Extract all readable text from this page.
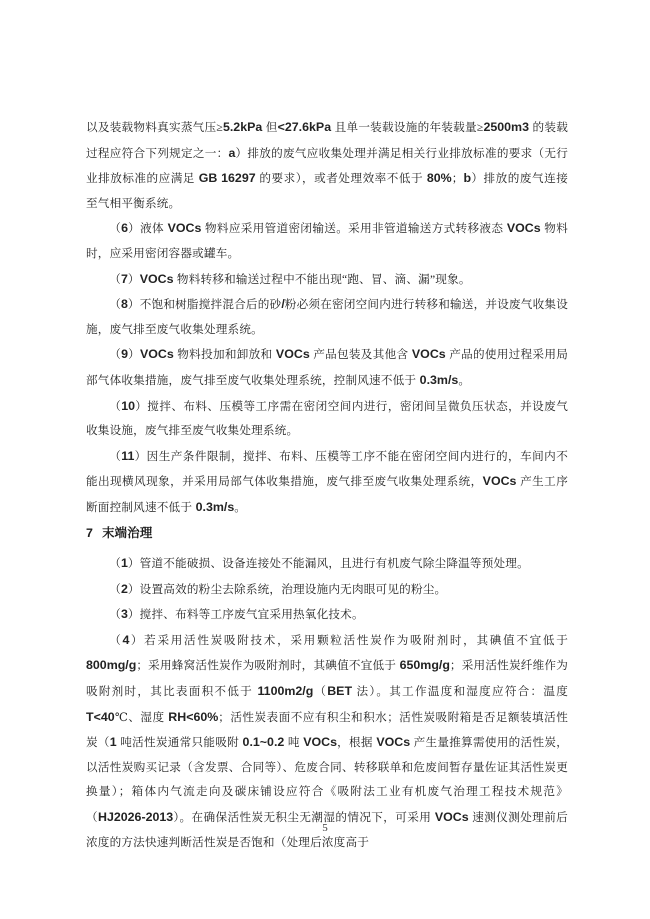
以及装载物料真实蒸气压≥5.2kPa 但<27.6kPa 且单一装载设施的年装载量≥2500m3 的装载过程应符合下列规定之一：a）排放的废气应收集处理并满足相关行业排放标准的要求（无行业排放标准的应满足 GB 16297 的要求），或者处理效率不低于 80%；b）排放的废气连接至气相平衡系统。

（6）液体 VOCs 物料应采用管道密闭输送。采用非管道输送方式转移液态 VOCs 物料时，应采用密闭容器或罐车。

（7）VOCs 物料转移和输送过程中不能出现“跑、冒、滴、漏”现象。

（8）不饱和树脂搅拌混合后的砂/粉必须在密闭空间内进行转移和输送，并设废气收集设施，废气排至废气收集处理系统。

（9）VOCs 物料投加和卸放和 VOCs 产品包装及其他含 VOCs 产品的使用过程采用局部气体收集措施，废气排至废气收集处理系统，控制风速不低于 0.3m/s。

（10）搅拌、布料、压模等工序需在密闭空间内进行，密闭间呈微负压状态，并设废气收集设施，废气排至废气收集处理系统。

（11）因生产条件限制，搅拌、布料、压模等工序不能在密闭空间内进行的，车间内不能出现横风现象，并采用局部气体收集措施，废气排至废气收集处理系统，VOCs 产生工序断面控制风速不低于 0.3m/s。

7 末端治理

（1）管道不能破损、设备连接处不能漏风，且进行有机废气除尘降温等预处理。

（2）设置高效的粉尘去除系统，治理设施内无肉眼可见的粉尘。

（3）搅拌、布料等工序废气宜采用热氧化技术。

（4）若采用活性炭吸附技术，采用颗粒活性炭作为吸附剂时，其碘值不宜低于 800mg/g；采用蜂窝活性炭作为吸附剂时，其碘值不宜低于 650mg/g；采用活性炭纤维作为吸附剂时，其比表面积不低于 1100m2/g（BET 法）。其工作温度和湿度应符合：温度 T<40℃、湿度 RH<60%；活性炭表面不应有积尘和积水；活性炭吸附箱是否足额装填活性炭（1 吨活性炭通常只能吸附 0.1~0.2 吨 VOCs，根据 VOCs 产生量推算需使用的活性炭，以活性炭购买记录（含发票、合同等）、危废合同、转移联单和危废间暂存量佐证其活性炭更换量）；箱体内气流走向及碳床铺设应符合《吸附法工业有机废气治理工程技术规范》（HJ2026-2013）。在确保活性炭无积尘无潮湿的情况下，可采用 VOCs 速测仪测处理前后浓度的方法快速判断活性炭是否饱和（处理后浓度高于

5
